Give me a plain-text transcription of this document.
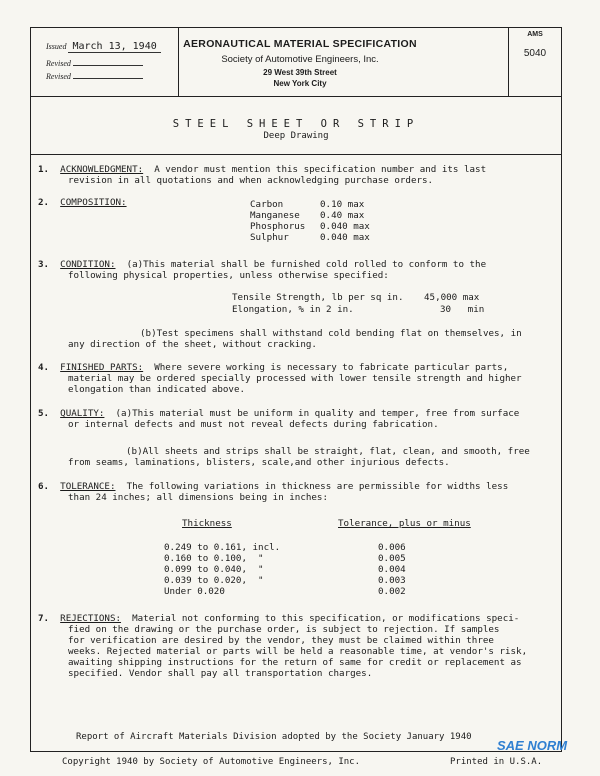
Issued March 13, 1940
Revised
Revised
AERONAUTICAL MATERIAL SPECIFICATION
Society of Automotive Engineers, Inc.
29 West 39th Street
New York City
AMS
5040
STEEL SHEET OR STRIP
Deep Drawing
1. ACKNOWLEDGMENT: A vendor must mention this specification number and its last
revision in all quotations and when acknowledging purchase orders.
2. COMPOSITION:	Carbon	0.10 max
Manganese 0.40 max
Phosphorus 0.040 max
Sulphur	0.040 max
3. CONDITION: (a)This material shall be furnished cold rolled to conform to the
following physical properties, unless otherwise specified:
Tensile Strength, lb per sq in. 45,000 max
Elongation, % in 2 in.	30   min
(b)Test specimens shall withstand cold bending flat on themselves, in
any direction of the sheet, without cracking.
4. FINISHED PARTS: Where severe working is necessary to fabricate particular parts,
material may be ordered specially processed with lower tensile strength and higher
elongation than indicated above.
5. QUALITY: (a)This material must be uniform in quality and temper, free from surface
or internal defects and must not reveal defects during fabrication.
(b)All sheets and strips shall be straight, flat, clean, and smooth, free
from seams, laminations, blisters, scale,and other injurious defects.
6. TOLERANCE: The following variations in thickness are permissible for widths less
than 24 inches; all dimensions being in inches:
Thickness	Tolerance, plus or minus
0.249 to 0.161, incl.	0.006
0.160 to 0.100,  "	0.005
0.099 to 0.040,  "	0.004
0.039 to 0.020,  "	0.003
Under 0.020	0.002
7. REJECTIONS: Material not conforming to this specification, or modifications speci-
fied on the drawing or the purchase order, is subject to rejection. If samples
for verification are desired by the vendor, they must be claimed within three
weeks. Rejected material or parts will be held a reasonable time, at vendor's risk,
awaiting shipping instructions for the return of same for credit or replacement as
specified. Vendor shall pay all transportation charges.
Report of Aircraft Materials Division adopted by the Society January 1940
Copyright 1940 by Society of Automotive Engineers, Inc.	Printed in U.S.A.
SAE NORM
